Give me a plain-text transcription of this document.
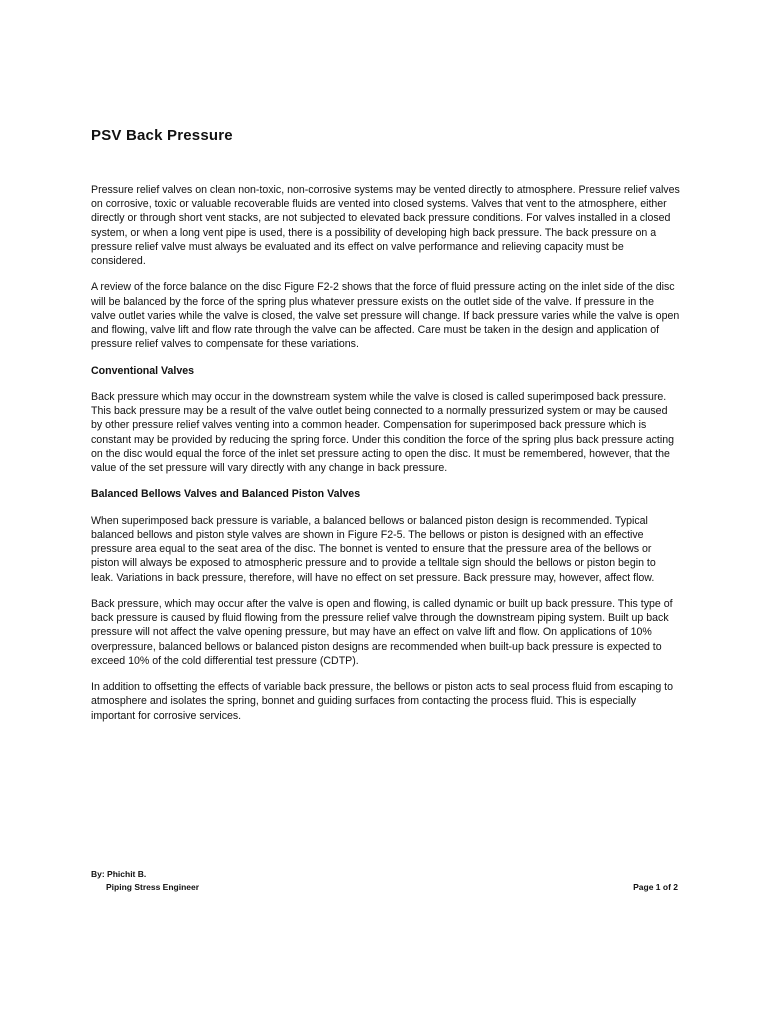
PSV Back Pressure

Pressure relief valves on clean non-toxic, non-corrosive systems may be vented directly to atmosphere. Pressure relief valves on corrosive, toxic or valuable recoverable fluids are vented into closed systems. Valves that vent to the atmosphere, either directly or through short vent stacks, are not subjected to elevated back pressure conditions. For valves installed in a closed system, or when a long vent pipe is used, there is a possibility of developing high back pressure. The back pressure on a pressure relief valve must always be evaluated and its effect on valve performance and relieving capacity must be considered.

A review of the force balance on the disc Figure F2-2 shows that the force of fluid pressure acting on the inlet side of the disc will be balanced by the force of the spring plus whatever pressure exists on the outlet side of the valve. If pressure in the valve outlet varies while the valve is closed, the valve set pressure will change. If back pressure varies while the valve is open and flowing, valve lift and flow rate through the valve can be affected. Care must be taken in the design and application of pressure relief valves to compensate for these variations.

Conventional Valves

Back pressure which may occur in the downstream system while the valve is closed is called superimposed back pressure. This back pressure may be a result of the valve outlet being connected to a normally pressurized system or may be caused by other pressure relief valves venting into a common header. Compensation for superimposed back pressure which is constant may be provided by reducing the spring force. Under this condition the force of the spring plus back pressure acting on the disc would equal the force of the inlet set pressure acting to open the disc. It must be remembered, however, that the value of the set pressure will vary directly with any change in back pressure.

Balanced Bellows Valves and Balanced Piston Valves

When superimposed back pressure is variable, a balanced bellows or balanced piston design is recommended. Typical balanced bellows and piston style valves are shown in Figure F2-5. The bellows or piston is designed with an effective pressure area equal to the seat area of the disc. The bonnet is vented to ensure that the pressure area of the bellows or piston will always be exposed to atmospheric pressure and to provide a telltale sign should the bellows or piston begin to leak. Variations in back pressure, therefore, will have no effect on set pressure. Back pressure may, however, affect flow.

Back pressure, which may occur after the valve is open and flowing, is called dynamic or built up back pressure. This type of back pressure is caused by fluid flowing from the pressure relief valve through the downstream piping system. Built up back pressure will not affect the valve opening pressure, but may have an effect on valve lift and flow. On applications of 10% overpressure, balanced bellows or balanced piston designs are recommended when built-up back pressure is expected to exceed 10% of the cold differential test pressure (CDTP).

In addition to offsetting the effects of variable back pressure, the bellows or piston acts to seal process fluid from escaping to atmosphere and isolates the spring, bonnet and guiding surfaces from contacting the process fluid. This is especially important for corrosive services.

By: Phichit B.
Piping Stress Engineer	Page 1 of 2
